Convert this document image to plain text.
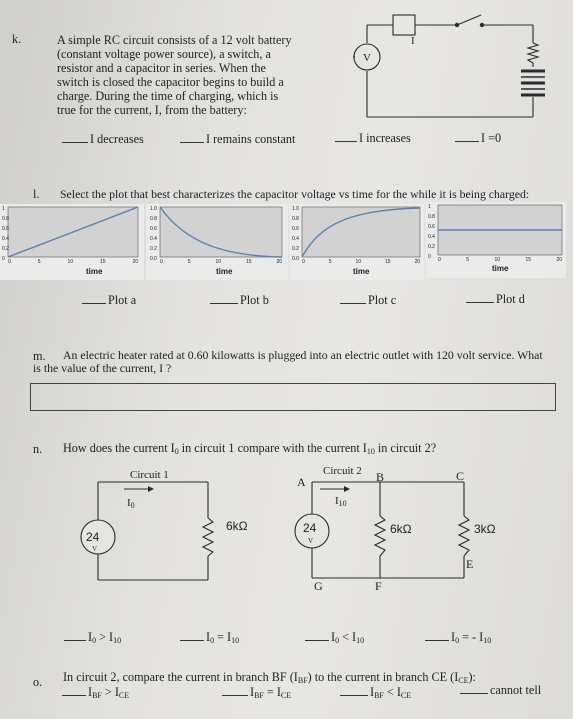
k.	A simple RC circuit consists of a 12 volt battery
(constant voltage power source), a switch, a
resistor and a capacitor in series. When the
switch is closed the capacitor begins to build a
charge. During the time of charging, which is
true for the current, I, from the battery:
V
I
I decreases	I remains constant	I increases	I =0
l. Select the plot that best characterizes the capacitor voltage vs time for the while it is being charged:
1
0.8
0.6
0.4
0.2
0 0	5	10	15	20
time
1.0
0.8
0.6
0.4
0.2
0.0 0	5	10	15	20
time
1.0
0.8
0.6
0.4
0.2
0.0 0	5	10	15	20
time
1
0.8
0.6
0.4
0.2
0	0	5	10	15	20
time
Plot a	Plot b	Plot c	Plot d
m. An electric heater rated at 0.60 kilowatts is plugged into an electric outlet with 120 volt service. What
is the value of the current, I ?
n. How does the current $I_0$ in circuit 1 compare with the current $I_{10}$ in circuit 2?
Circuit 1
$I_0$
24
V
6kΩ
Circuit 2
A	B	C
E
F
G
$I_{10}$
24
V
6kΩ	3kΩ
$I_0 > I_{10}$	$I_0 = I_{10}$	$I_0 < I_{10}$	$I_0$ = - $I_{10}$
o. In circuit 2, compare the current in branch BF $(I_{BF})$ to the current in branch CE $(I_{CE})$:
$I_{BF} > I_{CE}$	$I_{BF} = I_{CE}$	$I_{BF} < I_{CE}$	cannot tell
